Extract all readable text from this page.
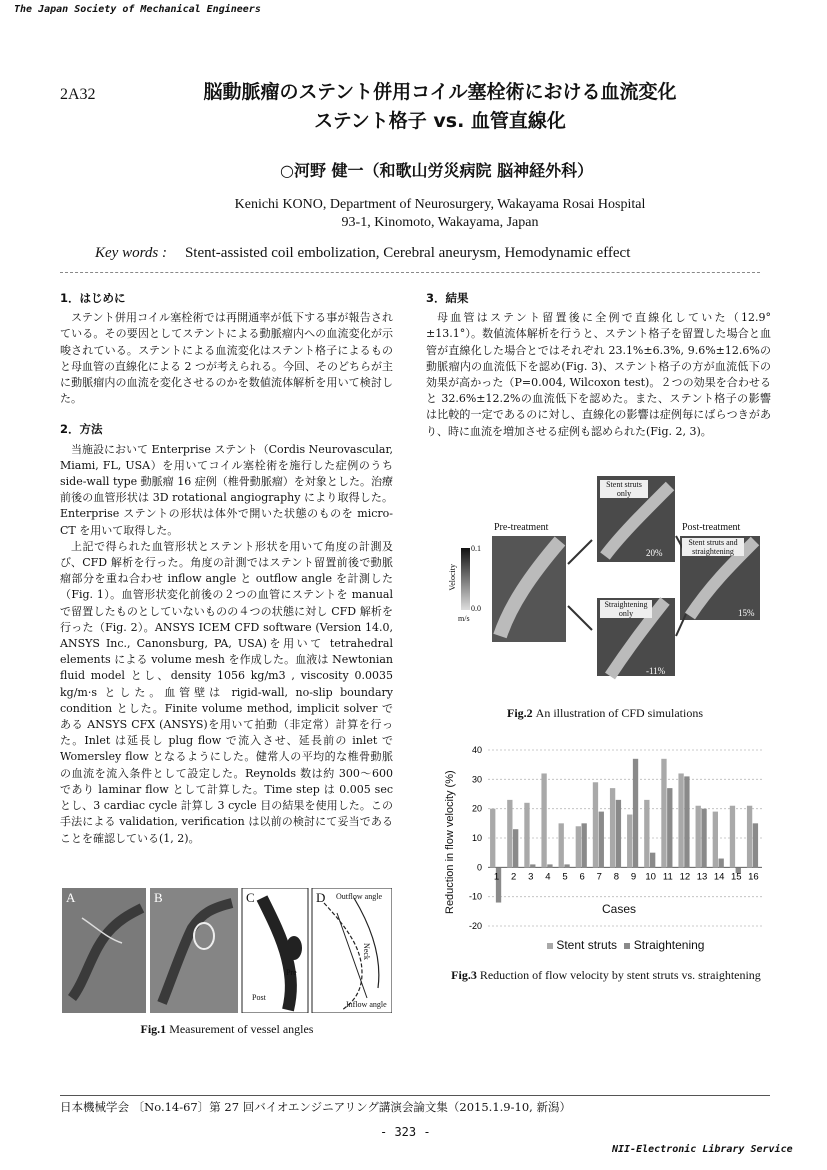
The Japan Society of Mechanical Engineers
2A32	脳動脈瘤のステント併用コイル塞栓術における血流変化
ステント格子 vs. 血管直線化
○河野 健一（和歌山労災病院 脳神経外科）
Kenichi KONO, Department of Neurosurgery, Wakayama Rosai Hospital
93-1, Kinomoto, Wakayama, Japan
Key words : Stent-assisted coil embolization, Cerebral aneurysm, Hemodynamic effect
1．はじめに

ステント併用コイル塞栓術では再開通率が低下する事が報告されている。その要因としてステントによる動脈瘤内への血流変化が示唆されている。ステントによる血流変化はステント格子によるものと母血管の直線化による 2 つが考えられる。今回、そのどちらが主に動脈瘤内の血流を変化させるのかを数値流体解析を用いて検討した。

2．方法

当施設において Enterprise ステント（Cordis Neurovascular, Miami, FL, USA）を用いてコイル塞栓術を施行した症例のうち side-wall type 動脈瘤 16 症例（椎骨動脈瘤）を対象とした。治療前後の血管形状は 3D rotational angiography により取得した。Enterprise ステントの形状は体外で開いた状態のものを micro-CT を用いて取得した。

上記で得られた血管形状とステント形状を用いて角度の計測及び、CFD 解析を行った。角度の計測ではステント留置前後で動脈瘤部分を重ね合わせ inflow angle と outflow angle を計測した（Fig. 1）。血管形状変化前後の２つの血管にステントを manual で留置したものとしていないものの４つの状態に対し CFD 解析を行った（Fig. 2）。ANSYS ICEM CFD software (Version 14.0, ANSYS Inc., Canonsburg, PA, USA)を用いて tetrahedral elements による volume mesh を作成した。血液は Newtonian fluid model とし、density 1056 kg/m3 , viscosity 0.0035 kg/m·s とした。血管壁は rigid-wall, no-slip boundary condition とした。Finite volume method, implicit solver である ANSYS CFX (ANSYS)を用いて拍動（非定常）計算を行った。Inlet は延長し plug flow で流入させ、延長前の inlet で Womersley flow となるようにした。健常人の平均的な椎骨動脈の血流を流入条件として設定した。Reynolds 数は約 300～600 であり laminar flow として計算した。Time step は 0.005 sec とし、3 cardiac cycle 計算し 3 cycle 目の結果を使用した。この手法による validation, verification は以前の検討にて妥当であることを確認している(1, 2)。

A	B	C	D
Pre
Post
Outflow angle
Inflow angle
Neck
Fig.1 Measurement of vessel angles
3．結果

母血管はステント留置後に全例で直線化していた（12.9°±13.1°）。数値流体解析を行うと、ステント格子を留置した場合と血管が直線化した場合とではそれぞれ 23.1%±6.3%, 9.6%±12.6%の動脈瘤内の血流低下を認め(Fig. 3)、ステント格子の方が血流低下の効果が高かった（P=0.004, Wilcoxon test)。２つの効果を合わせると 32.6%±12.2%の血流低下を認めた。また、ステント格子の影響は比較的一定であるのに対し、直線化の影響は症例毎にばらつきがあり、時に血流を増加させる症例も認められた(Fig. 2, 3)。

Pre-treatment	Post-treatment
Stent struts only
Straightening only
Stent struts and straightening
20%
-11%
15%
0.1
0.0
m/s
Velocity
Fig.2 An illustration of CFD simulations
-20
-10
0
10
20
30
40
1 2 3 4 5 6 7 8 9 10 11 12 13 14 15 16
Reduction in flow velocity (%)	Cases
Stent struts Straightening
Fig.3 Reduction of flow velocity by stent struts vs. straightening
日本機械学会 〔No.14-67〕第 27 回バイオエンジニアリング講演会論文集（2015.1.9-10, 新潟）
- 323 -
NII-Electronic Library Service
